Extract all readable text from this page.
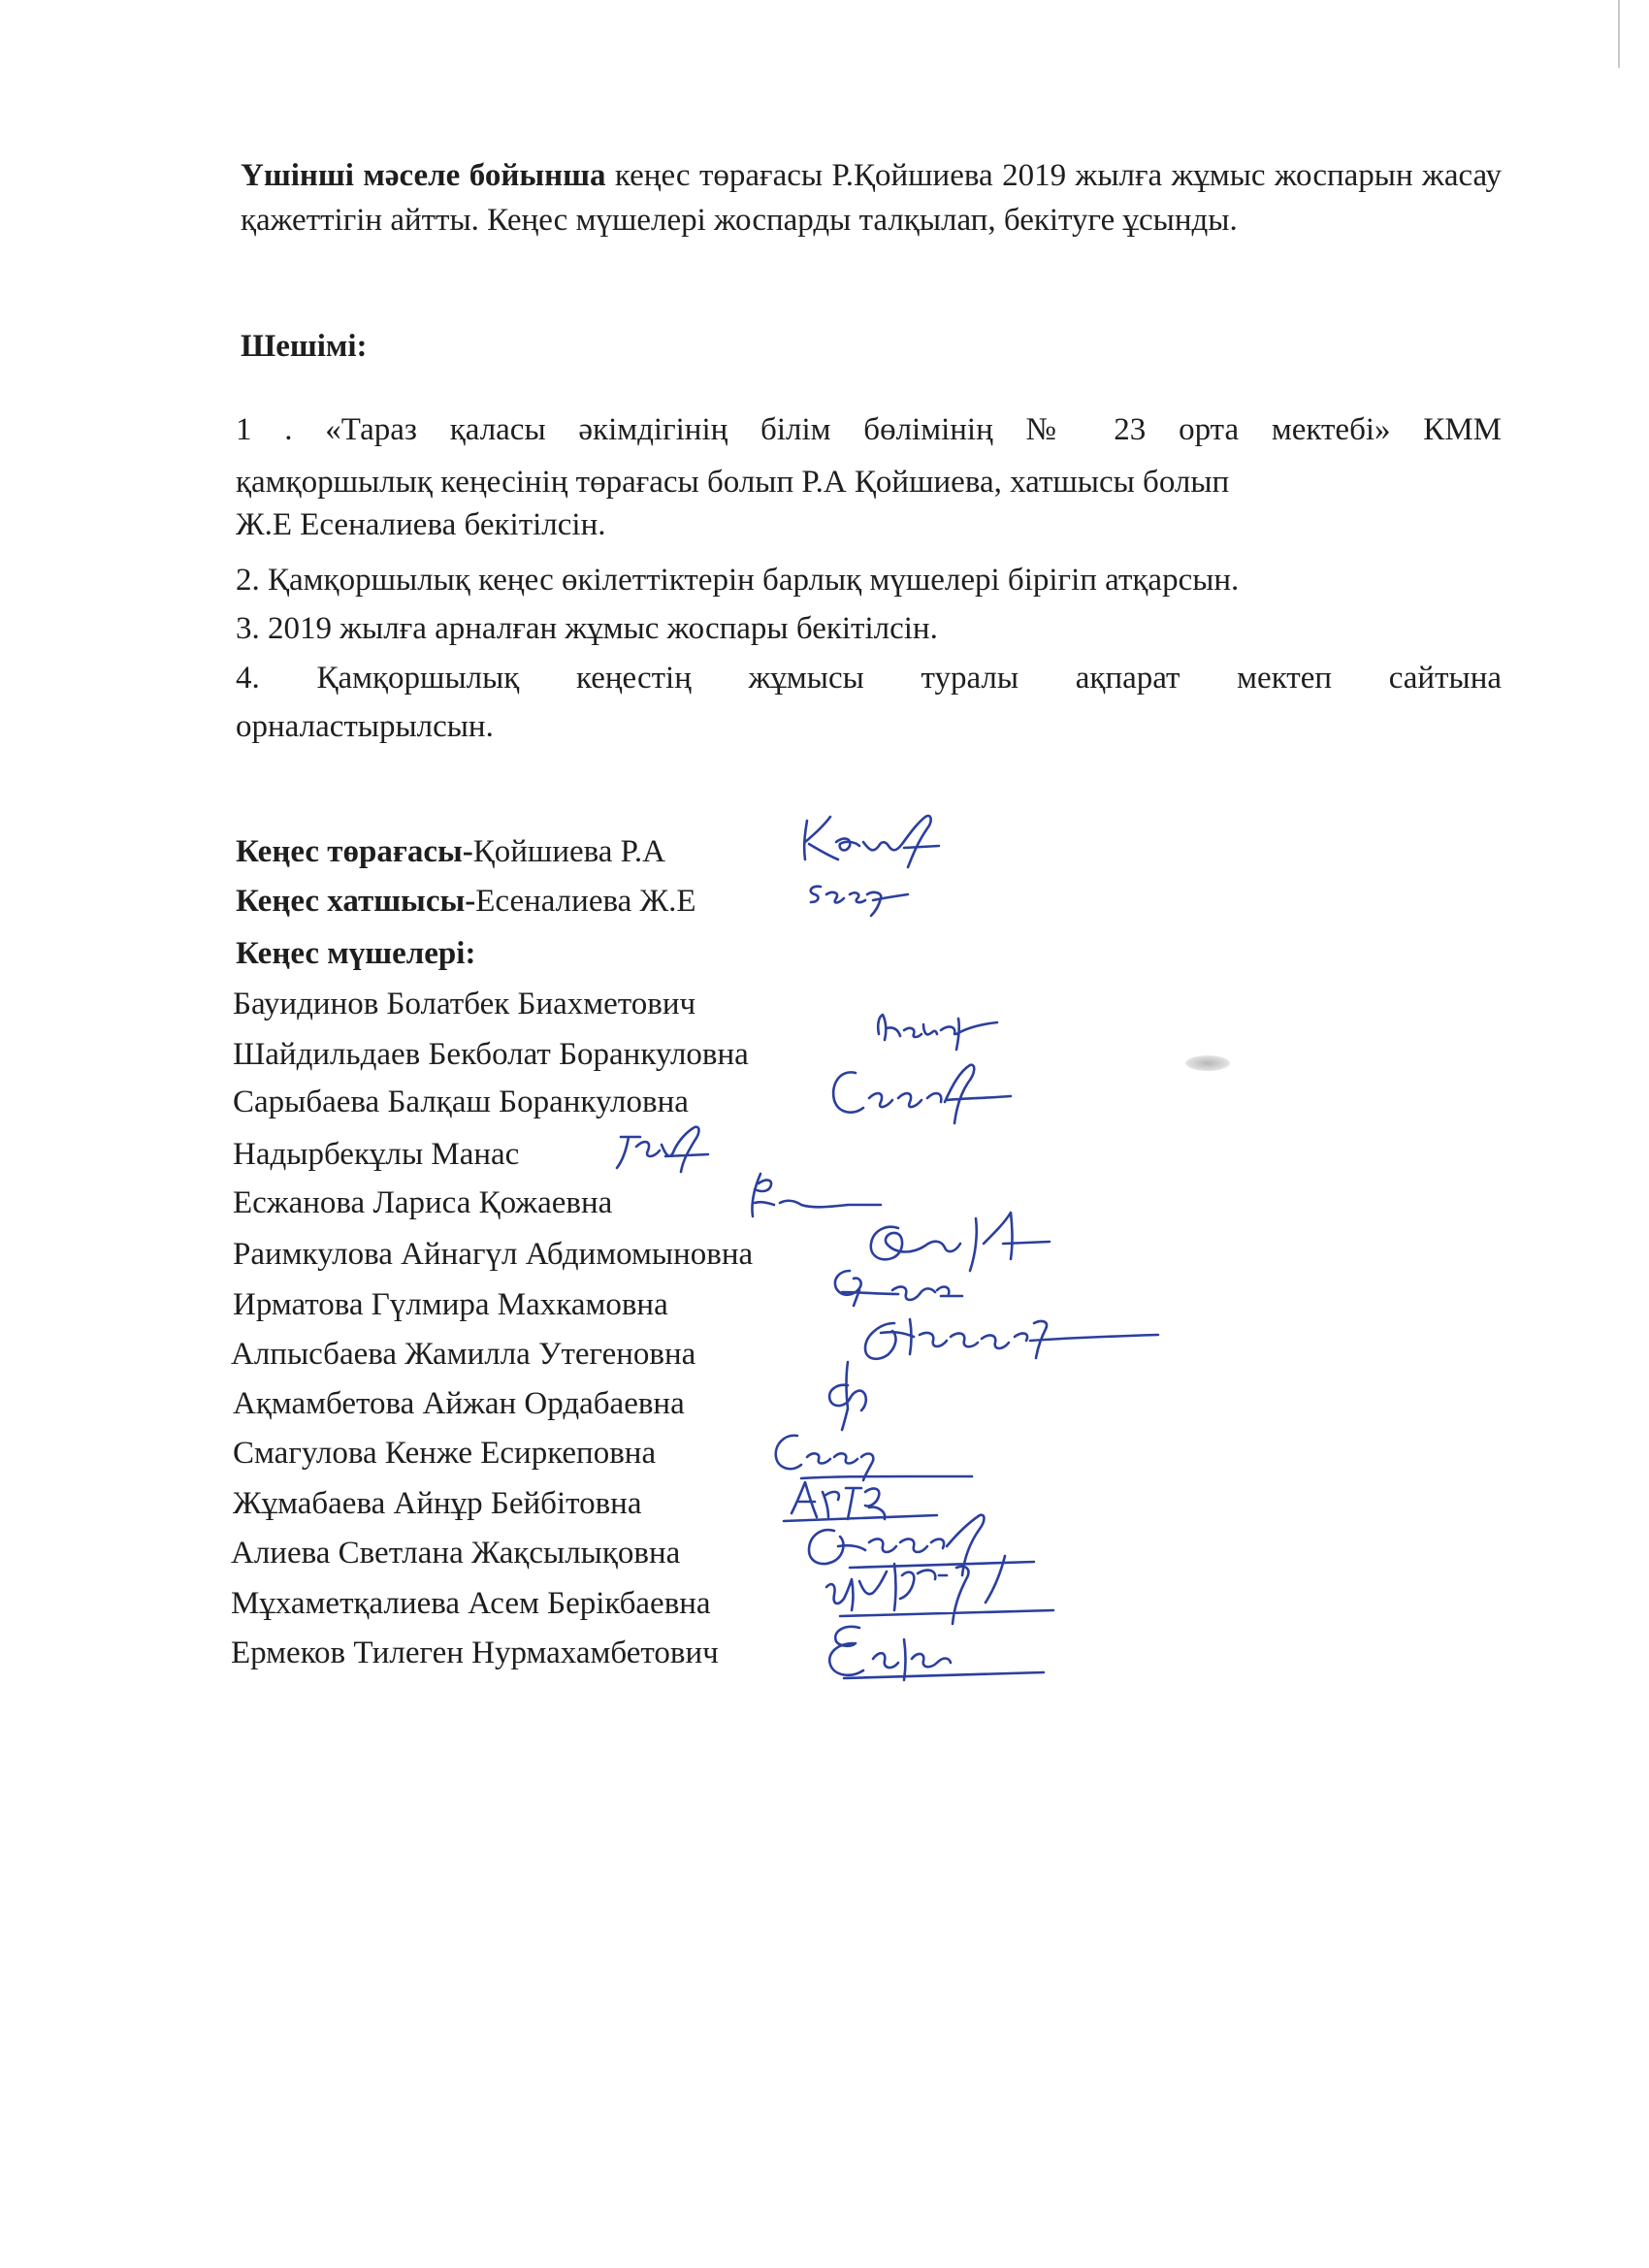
Үшінші мәселе бойынша кеңес төрағасы Р.Қойшиева 2019 жылға жұмыс жоспарын жасау қажеттігін айтты. Кеңес мүшелері жоспарды талқылап, бекітуге ұсынды.
Шешімі:
1 . «Тараз қаласы әкімдігінің білім бөлімінің № 23 орта мектебі» КММ
қамқоршылық кеңесінің төрағасы болып Р.А Қойшиева, хатшысы болып
Ж.Е Есеналиева бекітілсін.
2. Қамқоршылық кеңес өкілеттіктерін барлық мүшелері бірігіп атқарсын.
3. 2019 жылға арналған жұмыс жоспары бекітілсін.
4. Қамқоршылық кеңестің жұмысы туралы ақпарат мектеп сайтына
орналастырылсын.
Кеңес төрағасы-Қойшиева Р.А
Кеңес хатшысы-Есеналиева Ж.Е
Кеңес мүшелері:
Бауидинов Болатбек Биахметович
Шайдильдаев Бекболат Боранкуловна
Сарыбаева Балқаш Боранкуловна
Надырбекұлы Манас
Есжанова Лариса Қожаевна
Раимкулова Айнагүл Абдимомыновна
Ирматова Гүлмира Махкамовна
Алпысбаева Жамилла Утегеновна
Ақмамбетова Айжан Ордабаевна
Смагулова Кенже Есиркеповна
Жұмабаева Айнұр Бейбітовна
Алиева Светлана Жақсылықовна
Мұхаметқалиева Асем Берікбаевна
Ермеков Тилеген Нурмахамбетович
